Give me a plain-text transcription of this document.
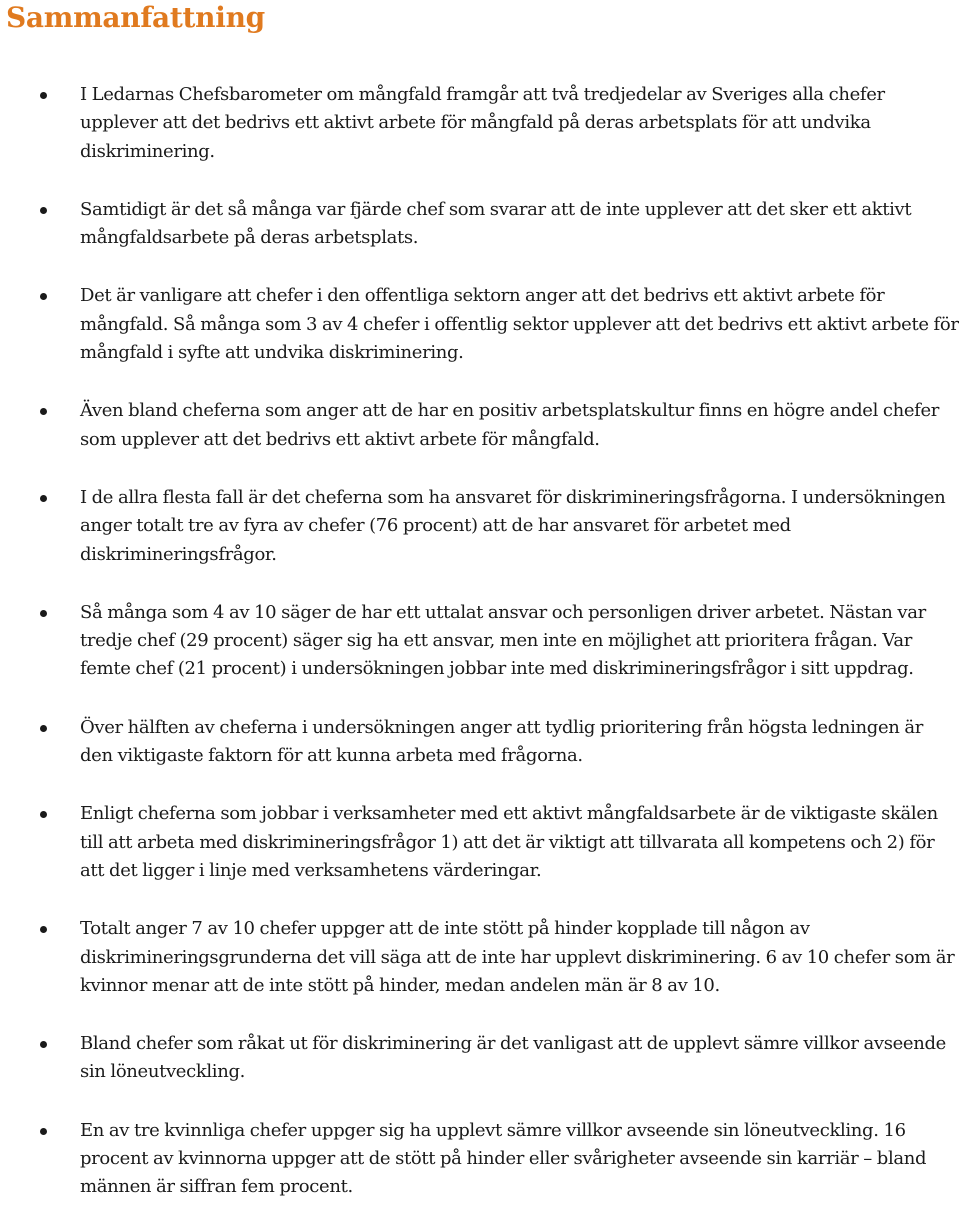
Sammanfattning
I Ledarnas Chefsbarometer om mångfald framgår att två tredjedelar av Sveriges alla chefer upplever att det bedrivs ett aktivt arbete för mångfald på deras arbetsplats för att undvika diskriminering.
Samtidigt är det så många var fjärde chef som svarar att de inte upplever att det sker ett aktivt mångfaldsarbete på deras arbetsplats.
Det är vanligare att chefer i den offentliga sektorn anger att det bedrivs ett aktivt arbete för mångfald. Så många som 3 av 4 chefer i offentlig sektor upplever att det bedrivs ett aktivt arbete för mångfald i syfte att undvika diskriminering.
Även bland cheferna som anger att de har en positiv arbetsplatskultur finns en högre andel chefer som upplever att det bedrivs ett aktivt arbete för mångfald.
I de allra flesta fall är det cheferna som ha ansvaret för diskrimineringsfrågorna. I undersökningen anger totalt tre av fyra av chefer (76 procent) att de har ansvaret för arbetet med diskrimineringsfrågor.
Så många som 4 av 10 säger de har ett uttalat ansvar och personligen driver arbetet. Nästan var tredje chef (29 procent) säger sig ha ett ansvar, men inte en möjlighet att prioritera frågan. Var femte chef (21 procent) i undersökningen jobbar inte med diskrimineringsfrågor i sitt uppdrag.
Över hälften av cheferna i undersökningen anger att tydlig prioritering från högsta ledningen är den viktigaste faktorn för att kunna arbeta med frågorna.
Enligt cheferna som jobbar i verksamheter med ett aktivt mångfaldsarbete är de viktigaste skälen till att arbeta med diskrimineringsfrågor 1) att det är viktigt att tillvarata all kompetens och 2) för att det ligger i linje med verksamhetens värderingar.
Totalt anger 7 av 10 chefer uppger att de inte stött på hinder kopplade till någon av diskrimineringsgrunderna det vill säga att de inte har upplevt diskriminering. 6 av 10 chefer som är kvinnor menar att de inte stött på hinder, medan andelen män är 8 av 10.
Bland chefer som råkat ut för diskriminering är det vanligast att de upplevt sämre villkor avseende sin löneutveckling.
En av tre kvinnliga chefer uppger sig ha upplevt sämre villkor avseende sin löneutveckling. 16 procent av kvinnorna uppger att de stött på hinder eller svårigheter avseende sin karriär – bland männen är siffran fem procent.
